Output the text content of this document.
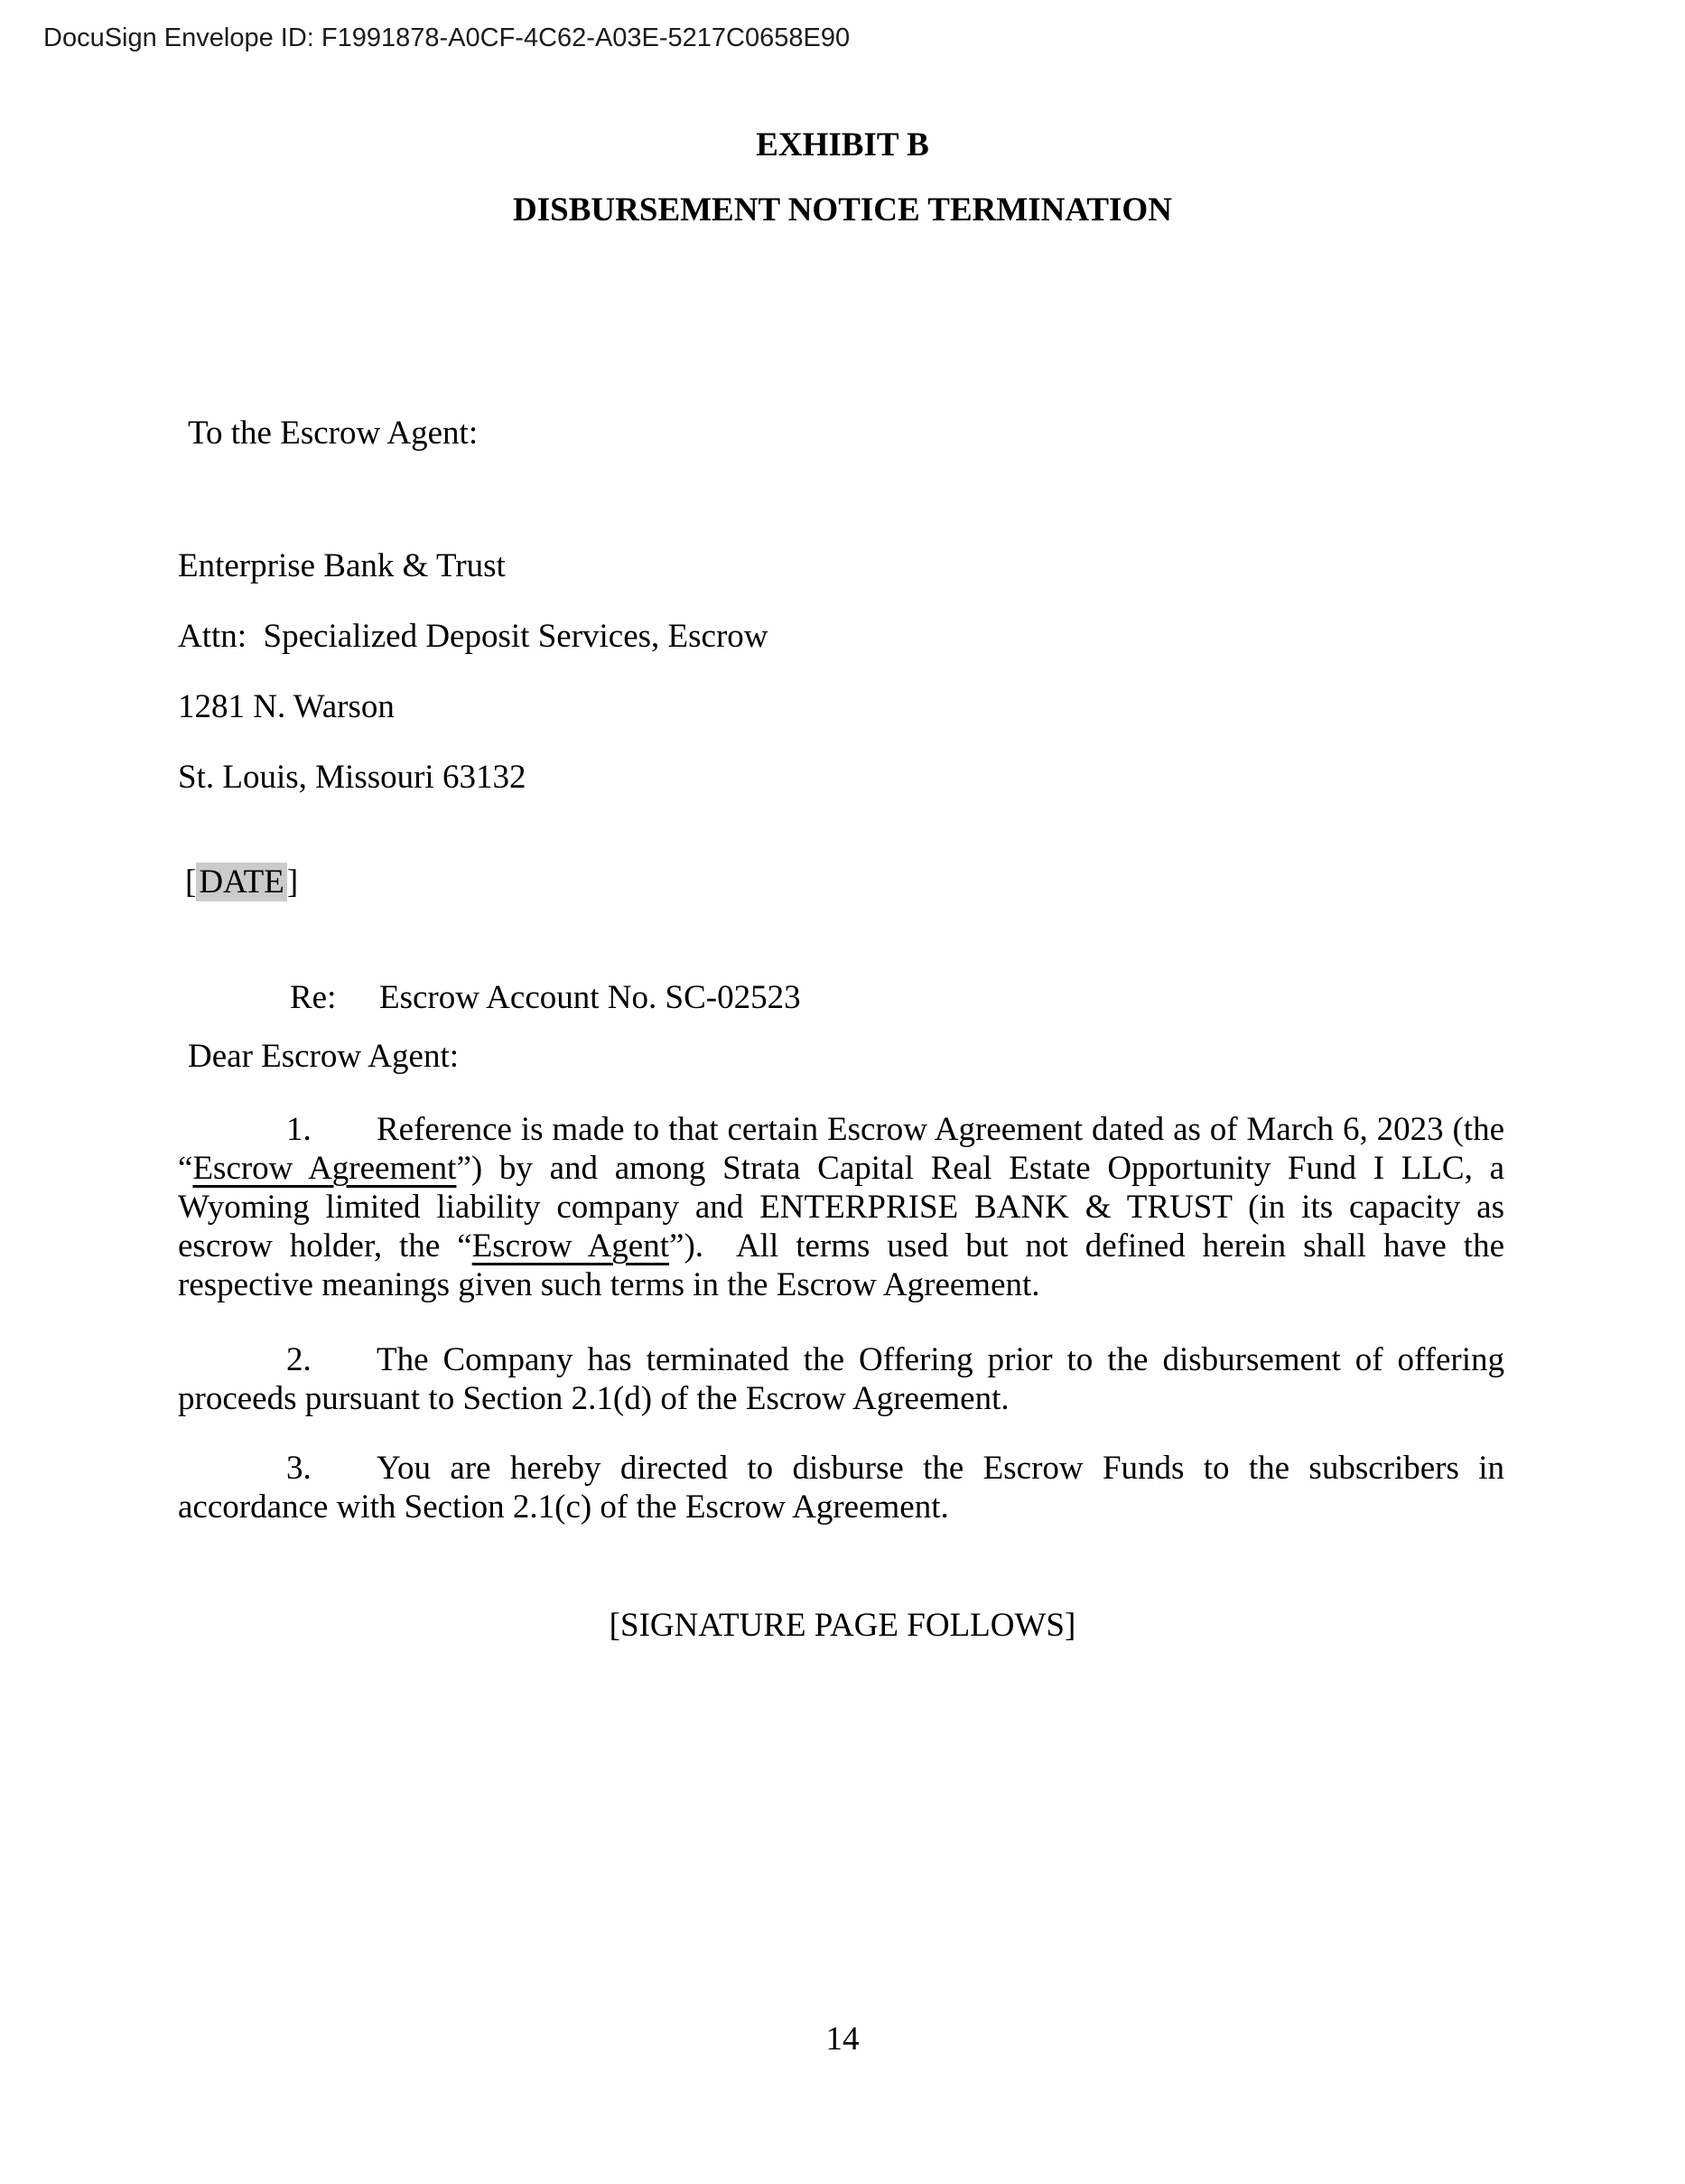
DocuSign Envelope ID: F1991878-A0CF-4C62-A03E-5217C0658E90
EXHIBIT B
DISBURSEMENT NOTICE TERMINATION
To the Escrow Agent:
Enterprise Bank & Trust
Attn:  Specialized Deposit Services, Escrow
1281 N. Warson
St. Louis, Missouri 63132
[DATE]
Re: Escrow Account No. SC-02523
Dear Escrow Agent:
1. Reference is made to that certain Escrow Agreement dated as of March 6, 2023 (the “Escrow Agreement”) by and among Strata Capital Real Estate Opportunity Fund I LLC, a Wyoming limited liability company and ENTERPRISE BANK & TRUST (in its capacity as escrow holder, the “Escrow Agent”).  All terms used but not defined herein shall have the respective meanings given such terms in the Escrow Agreement.
2. The Company has terminated the Offering prior to the disbursement of offering proceeds pursuant to Section 2.1(d) of the Escrow Agreement.
3. You are hereby directed to disburse the Escrow Funds to the subscribers in accordance with Section 2.1(c) of the Escrow Agreement.
[SIGNATURE PAGE FOLLOWS]
14
